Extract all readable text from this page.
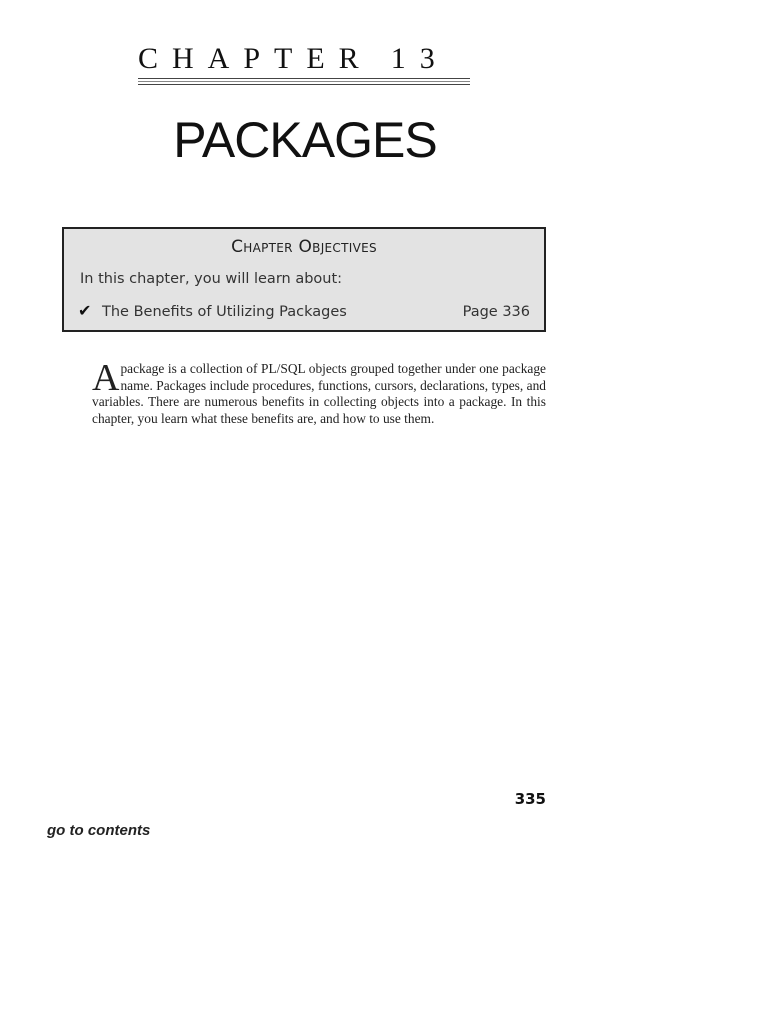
CHAPTER 13
PACKAGES
Chapter Objectives
In this chapter, you will learn about:
✔ The Benefits of Utilizing Packages	Page 336
Apackage is a collection of PL/SQL objects grouped together under one package name. Packages include procedures, functions, cursors, declarations, types, and variables. There are numerous benefits in collecting objects into a package. In this chapter, you learn what these benefits are, and how to use them.
335
go to contents
